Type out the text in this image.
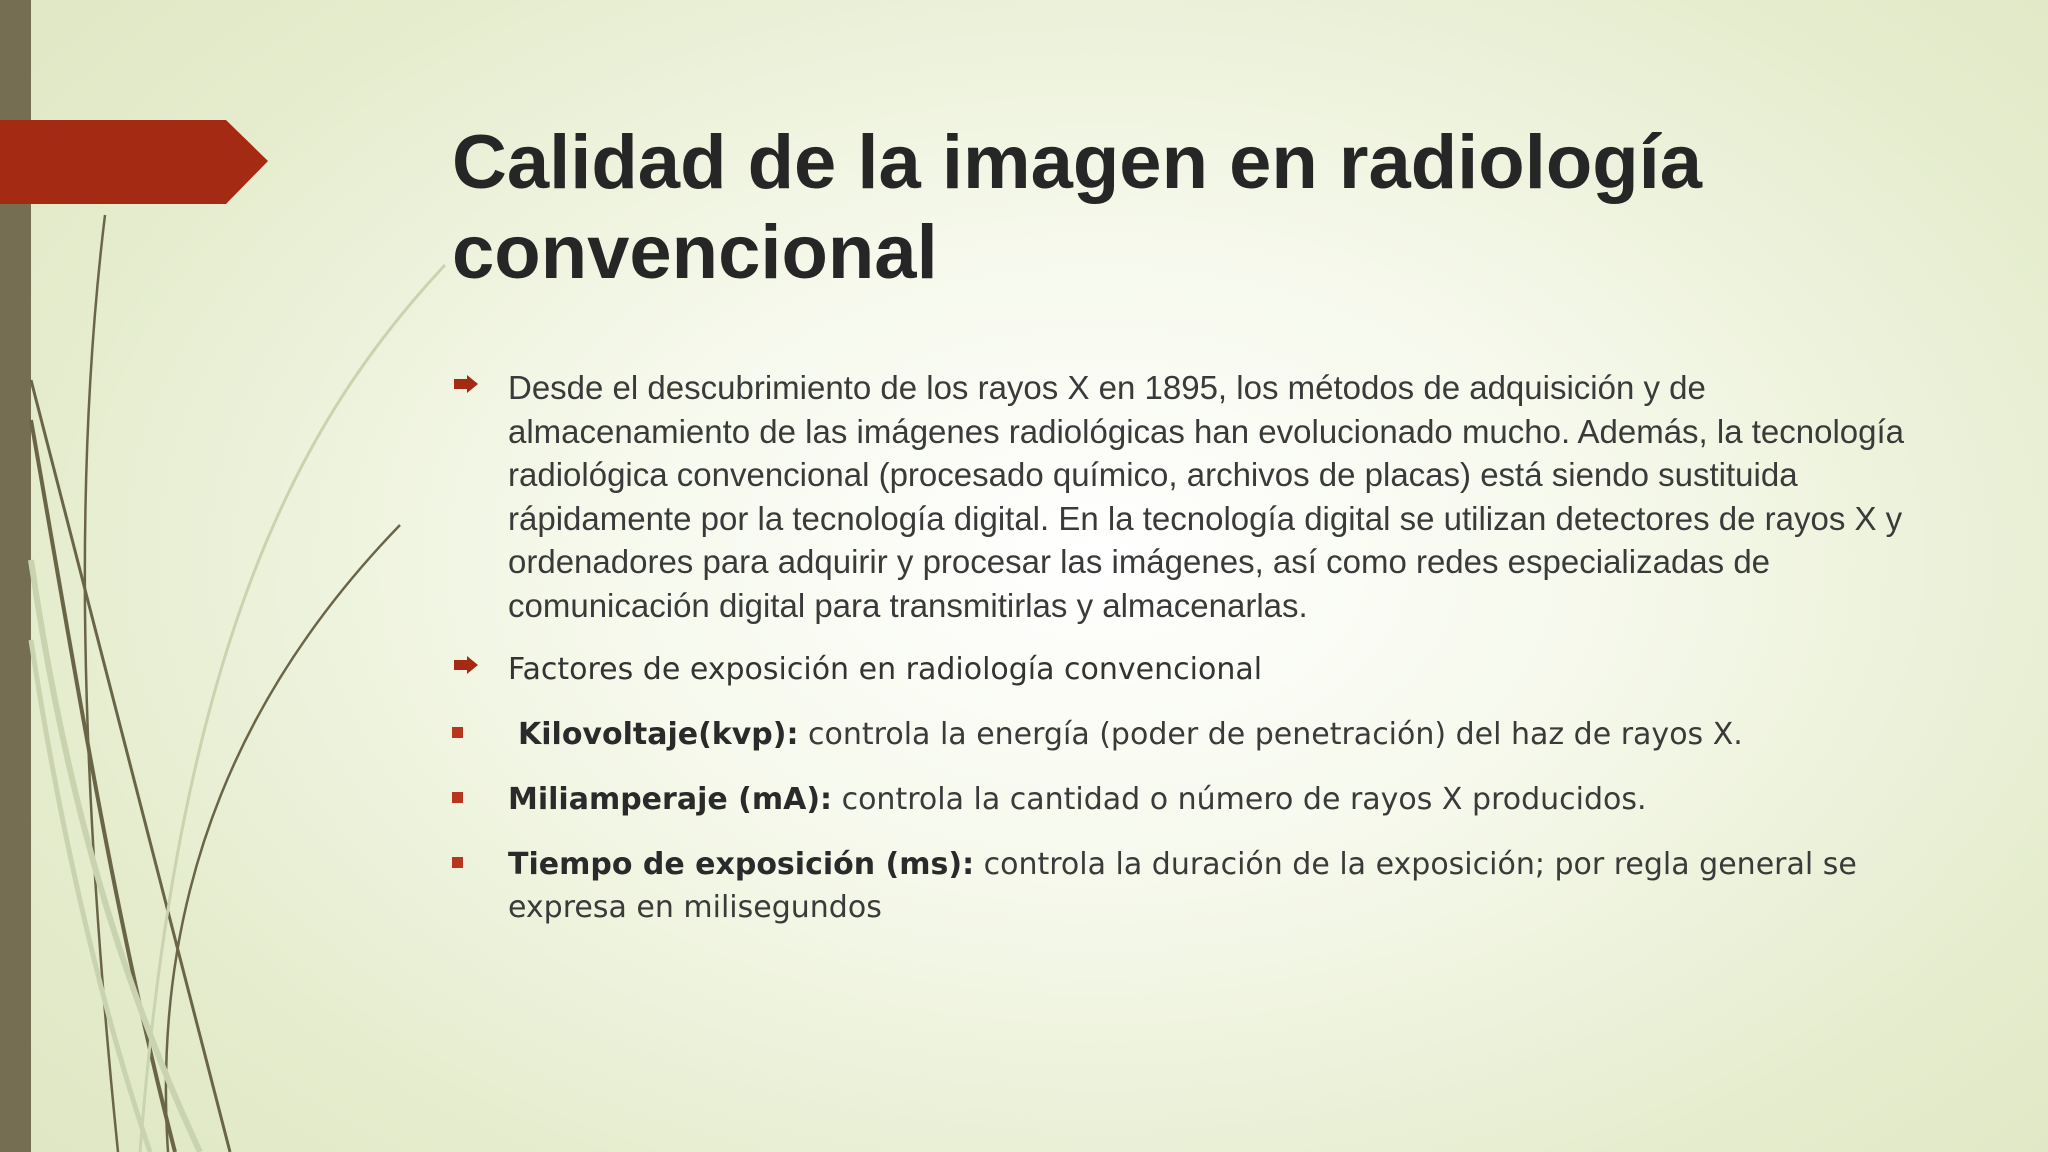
Calidad de la imagen en radiología convencional
Desde el descubrimiento de los rayos X en 1895, los métodos de adquisición y de almacenamiento de las imágenes radiológicas han evolucionado mucho. Además, la tecnología radiológica convencional (procesado químico, archivos de placas) está siendo sustituida rápidamente por la tecnología digital. En la tecnología digital se utilizan detectores de rayos X y ordenadores para adquirir y procesar las imágenes, así como redes especializadas de comunicación digital para transmitirlas y almacenarlas.
Factores de exposición en radiología convencional
Kilovoltaje(kvp): controla la energía (poder de penetración) del haz de rayos X.
Miliamperaje (mA): controla la cantidad o número de rayos X producidos.
Tiempo de exposición (ms): controla la duración de la exposición; por regla general se expresa en milisegundos
